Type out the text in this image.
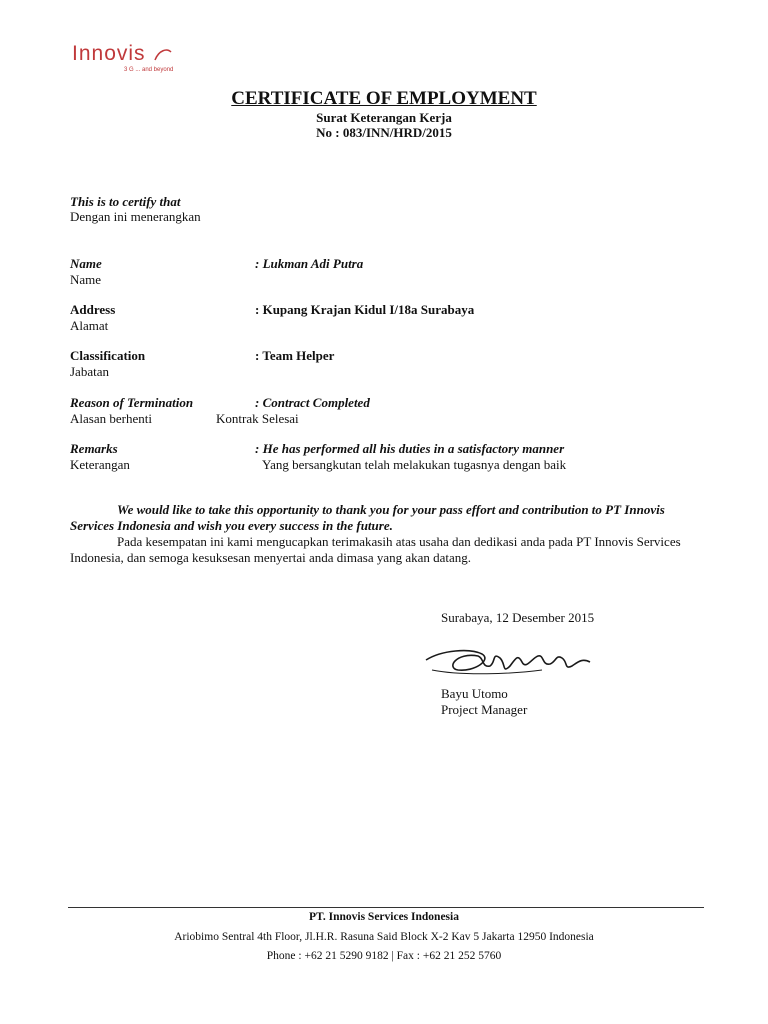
Innovis
3 G ... and beyond
CERTIFICATE OF EMPLOYMENT
Surat Keterangan Kerja
No : 083/INN/HRD/2015
This is to certify that
Dengan ini menerangkan
Name	: Lukman Adi Putra
Name
Address	: Kupang Krajan Kidul I/18a Surabaya
Alamat
Classification	: Team Helper
Jabatan
Reason of Termination	: Contract Completed
Alasan berhenti	Kontrak Selesai
Remarks	: He has performed all his duties in a satisfactory manner
Keterangan	Yang bersangkutan telah melakukan tugasnya dengan baik
We would like to take this opportunity to thank you for your pass effort and contribution to PT Innovis Services Indonesia and wish you every success in the future.
Pada kesempatan ini kami mengucapkan terimakasih atas usaha dan dedikasi anda pada PT Innovis Services Indonesia, dan semoga kesuksesan menyertai anda dimasa yang akan datang.
Surabaya, 12 Desember 2015
Bayu Utomo
Project Manager
PT. Innovis Services Indonesia
Ariobimo Sentral 4th Floor, Jl.H.R. Rasuna Said Block X-2 Kav 5 Jakarta 12950 Indonesia
Phone : +62 21 5290 9182 | Fax : +62 21 252 5760
